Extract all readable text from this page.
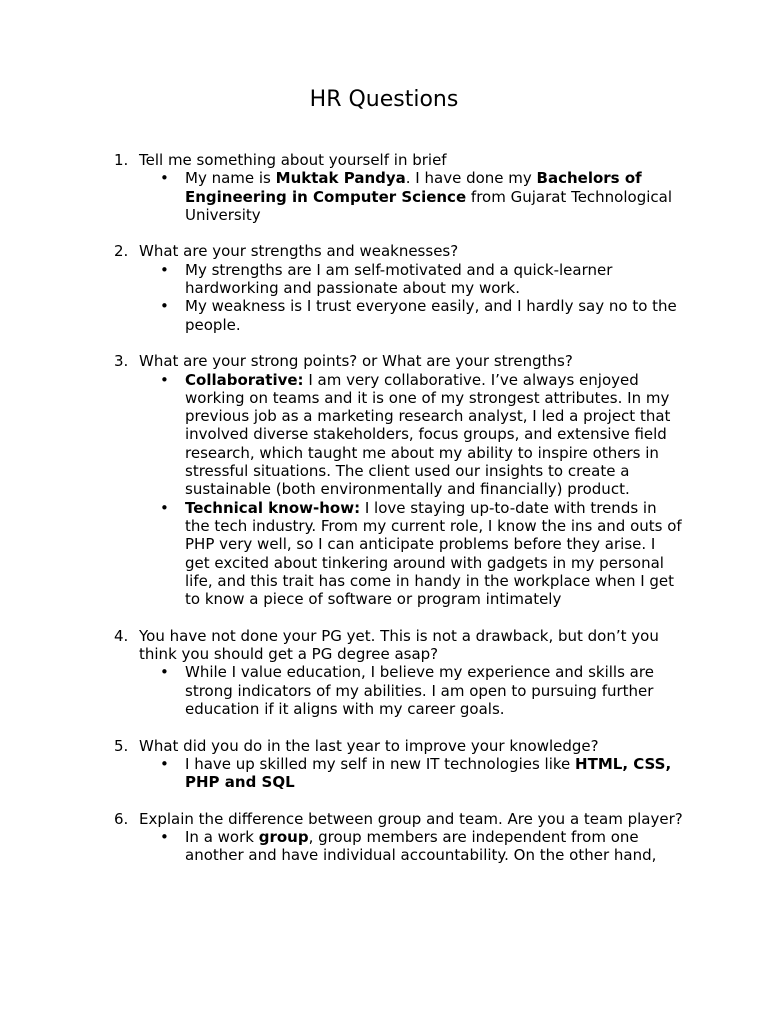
HR Questions
1. Tell me something about yourself in brief
• My name is Muktak Pandya. I have done my Bachelors of Engineering in Computer Science from Gujarat Technological University
2. What are your strengths and weaknesses?
• My strengths are I am self-motivated and a quick-learner hardworking and passionate about my work.
• My weakness is I trust everyone easily, and I hardly say no to the people.
3. What are your strong points? or What are your strengths?
• Collaborative: I am very collaborative. I’ve always enjoyed working on teams and it is one of my strongest attributes. In my previous job as a marketing research analyst, I led a project that involved diverse stakeholders, focus groups, and extensive field research, which taught me about my ability to inspire others in stressful situations. The client used our insights to create a sustainable (both environmentally and financially) product.
• Technical know-how: I love staying up-to-date with trends in the tech industry. From my current role, I know the ins and outs of PHP very well, so I can anticipate problems before they arise. I get excited about tinkering around with gadgets in my personal life, and this trait has come in handy in the workplace when I get to know a piece of software or program intimately
4. You have not done your PG yet. This is not a drawback, but don’t you think you should get a PG degree asap?
• While I value education, I believe my experience and skills are strong indicators of my abilities. I am open to pursuing further education if it aligns with my career goals.
5. What did you do in the last year to improve your knowledge?
• I have up skilled my self in new IT technologies like HTML, CSS, PHP and SQL
6. Explain the difference between group and team. Are you a team player?
• In a work group, group members are independent from one another and have individual accountability. On the other hand,
